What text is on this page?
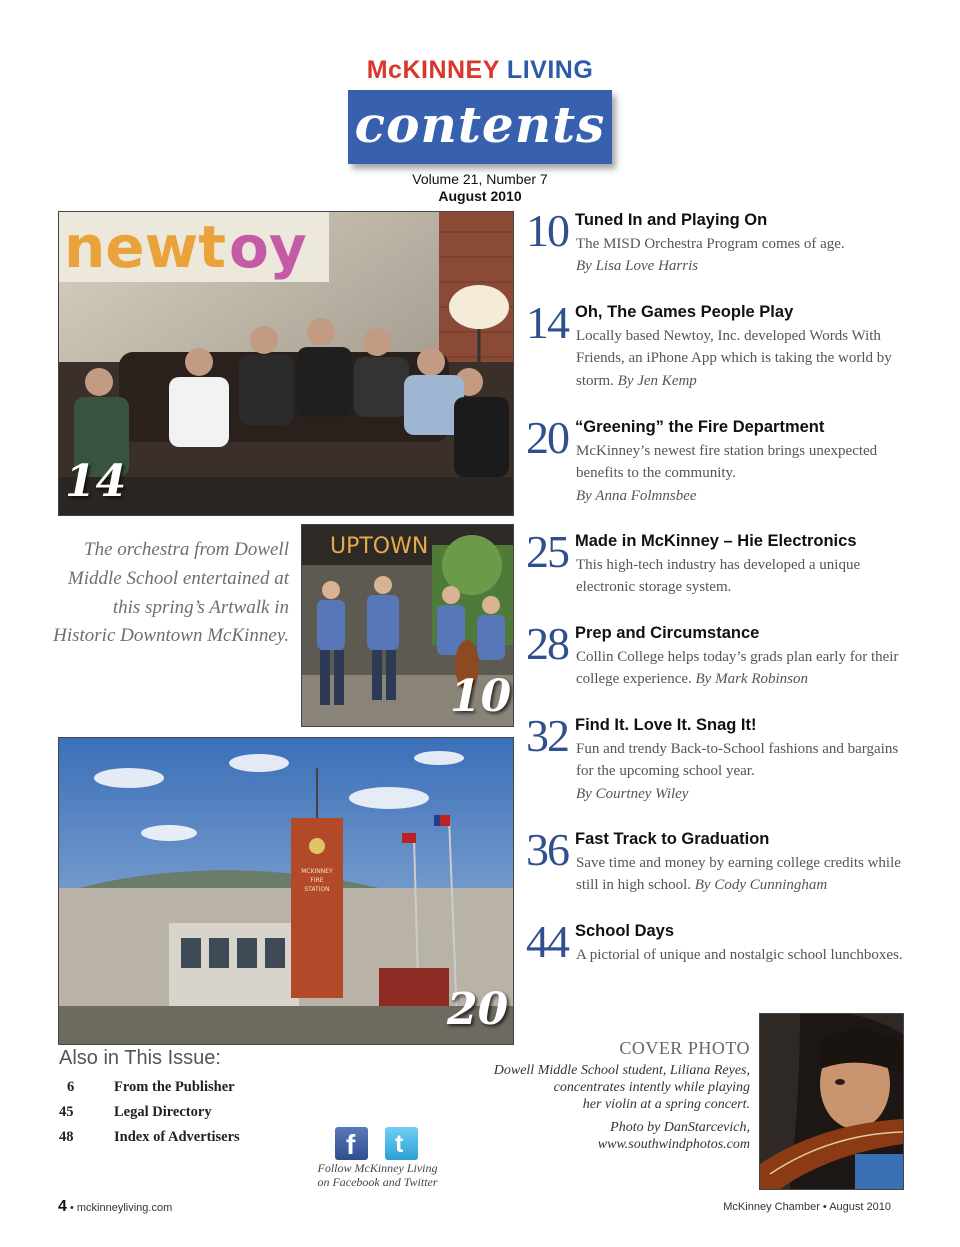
McKINNEY LIVING
contents
Volume 21, Number 7
August 2010
newt oy
14
The orchestra from Dowell Middle School entertained at this spring’s Artwalk in Historic Downtown McKinney.
UPTOWN
10
MCKINNEY
FIRE
STATION
20
10 Tuned In and Playing On
The MISD Orchestra Program comes of age.
By Lisa Love Harris
14 Oh, The Games People Play
Locally based Newtoy, Inc. developed Words With Friends, an iPhone App which is taking the world by storm. By Jen Kemp
20 “Greening” the Fire Department
McKinney’s newest fire station brings unexpected benefits to the community.
By Anna Folmnsbee
25 Made in McKinney – Hie Electronics
This high-tech industry has developed a unique electronic storage system.
28 Prep and Circumstance
Collin College helps today’s grads plan early for their college experience. By Mark Robinson
32 Find It. Love It. Snag It!
Fun and trendy Back-to-School fashions and bargains for the upcoming school year.
By Courtney Wiley
36 Fast Track to Graduation
Save time and money by earning college credits while still in high school. By Cody Cunningham
44 School Days
A pictorial of unique and nostalgic school lunchboxes.
Also in This Issue:
6	From the Publisher
45	Legal Directory
48	Index of Advertisers	f t
Follow McKinney Living
on Facebook and Twitter
COVER PHOTO
Dowell Middle School student, Liliana Reyes,
concentrates intently while playing
her violin at a spring concert.
Photo by DanStarcevich,
www.southwindphotos.com
4 • mckinneyliving.com	McKinney Chamber • August 2010
